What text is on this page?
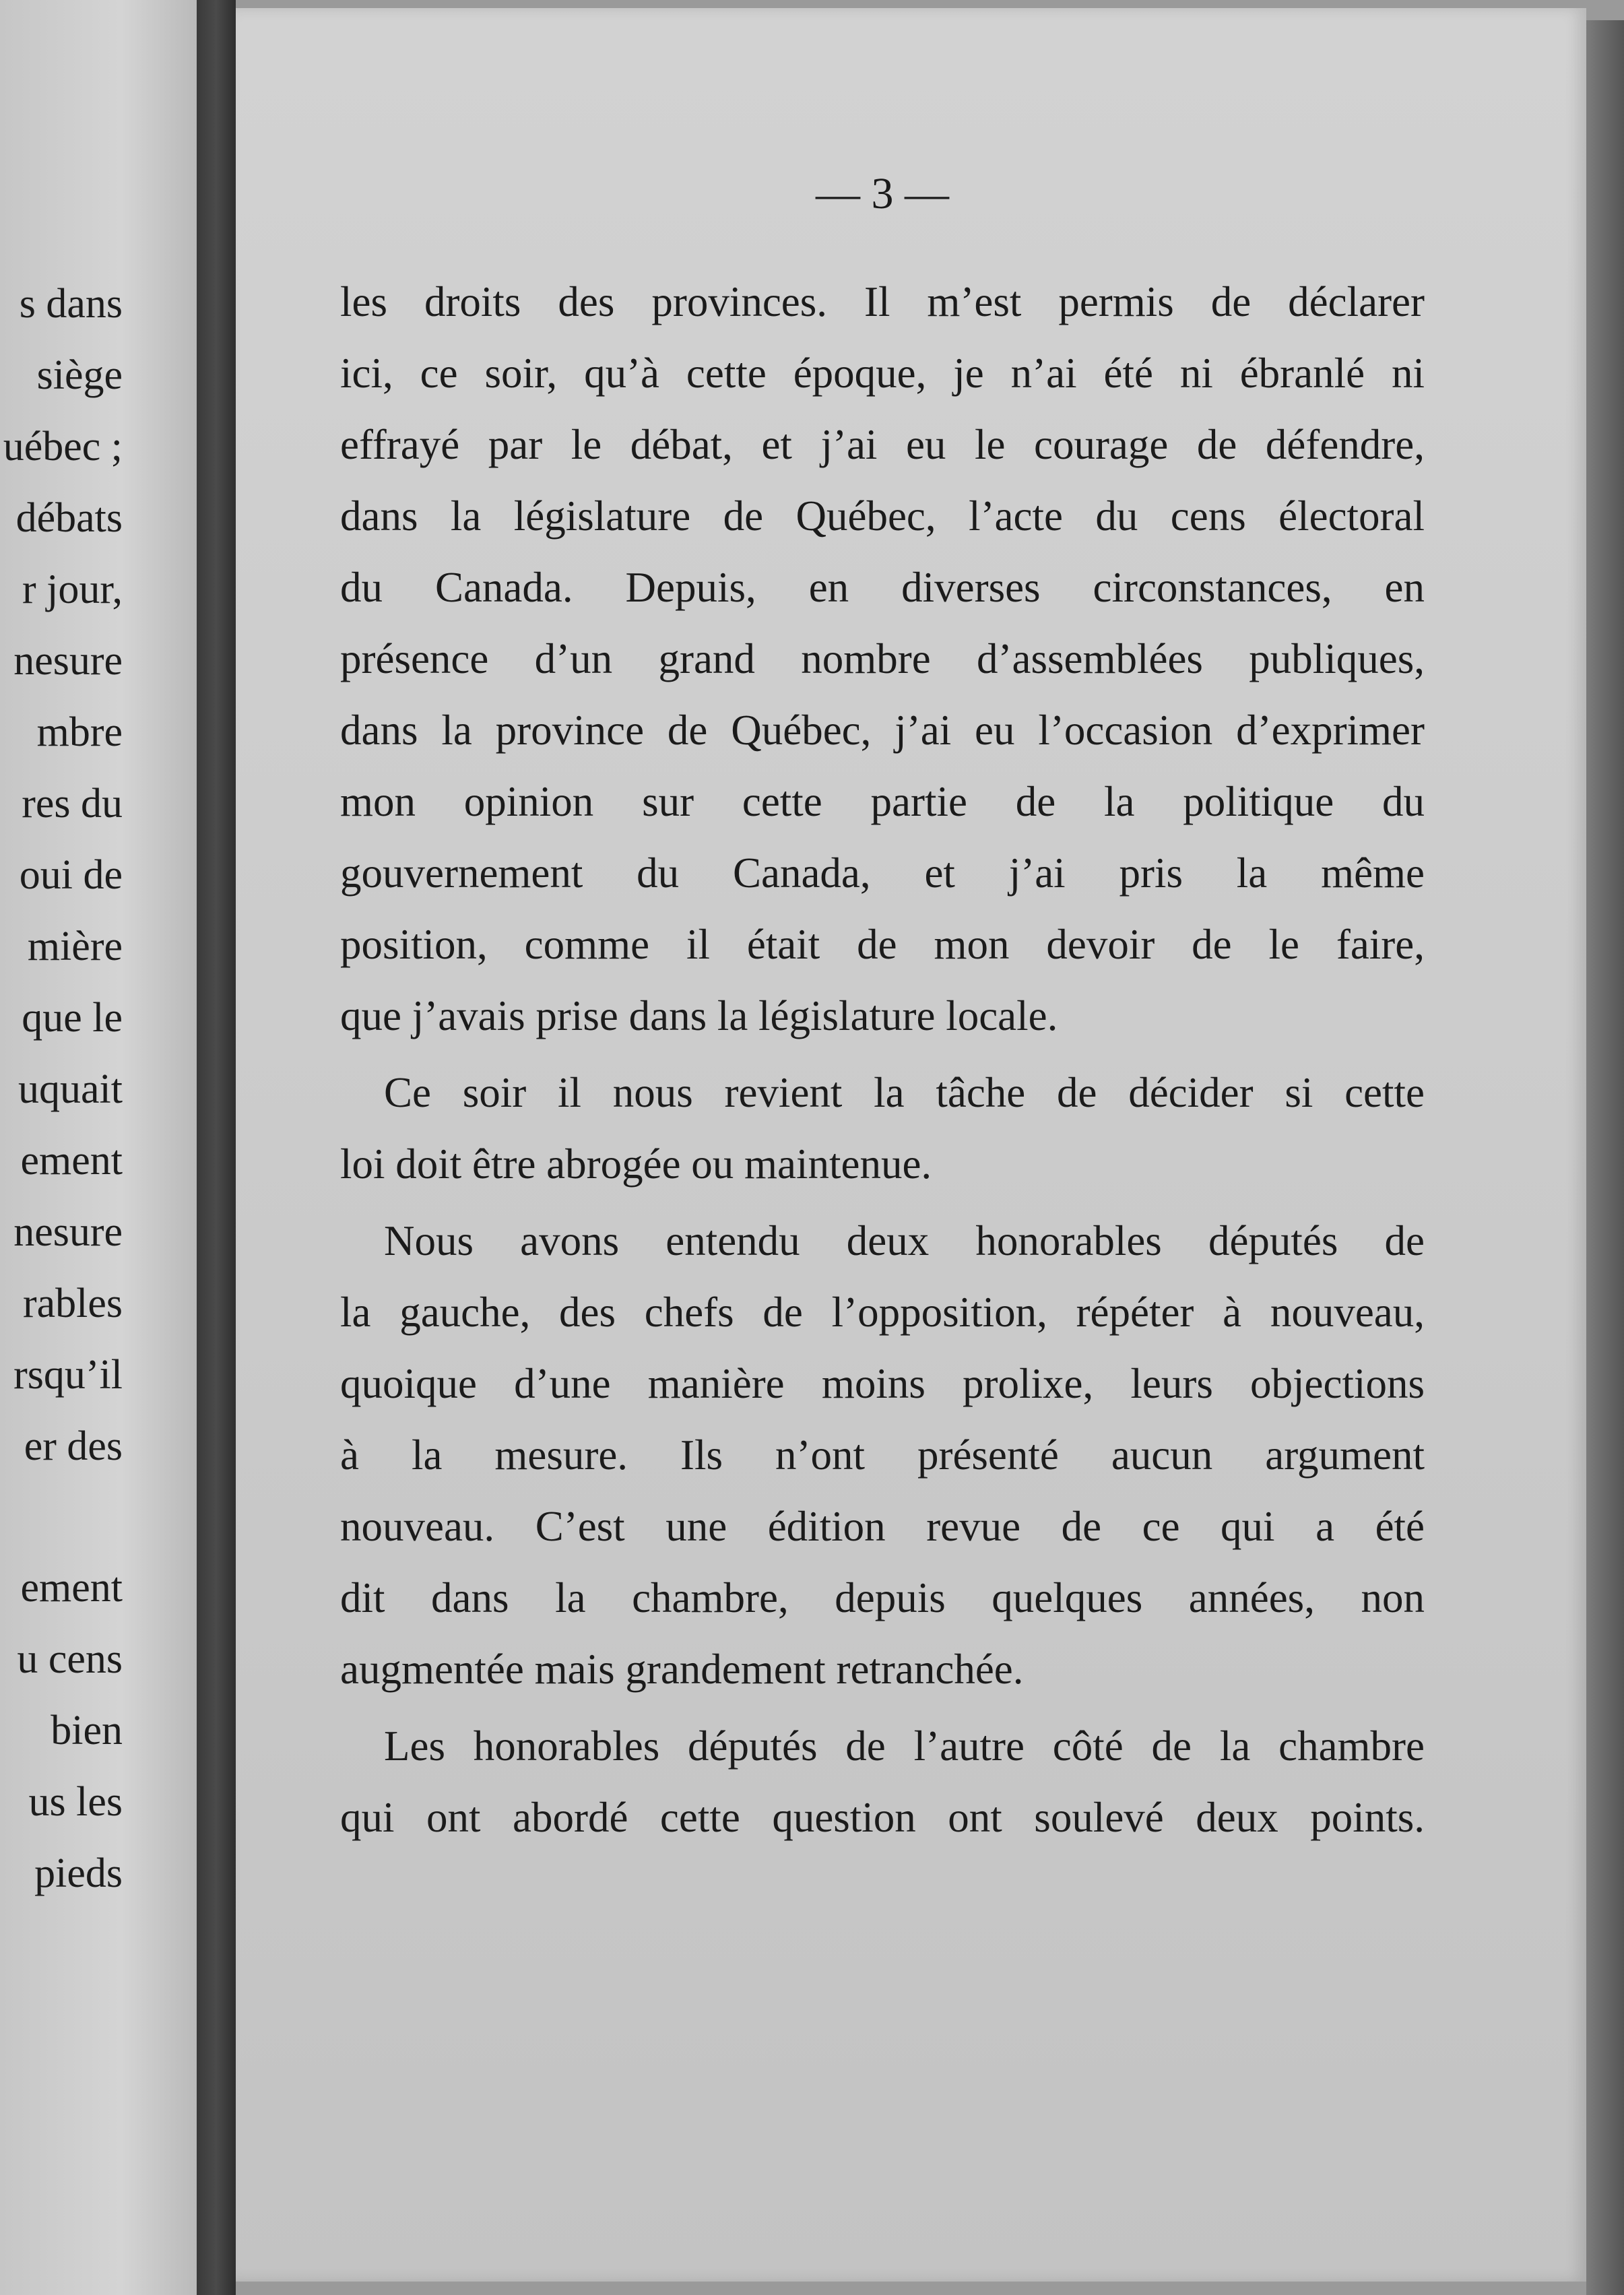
s dans
siège
uébec ;
débats
r jour,
nesure
mbre
res du
oui de
mière
que le
uquait
ement
nesure
rables
rsqu’il
er des
ement
u cens
bien
us les
pieds
— 3 —
les droits des provinces. Il m’est permis de déclarer
ici, ce soir, qu’à cette époque, je n’ai été ni ébranlé ni
effrayé par le débat, et j’ai eu le courage de défendre,
dans la législature de Québec, l’acte du cens électoral
du Canada. Depuis, en diverses circonstances, en
présence d’un grand nombre d’assemblées publiques,
dans la province de Québec, j’ai eu l’occasion d’exprimer
mon opinion sur cette partie de la politique du
gouvernement du Canada, et j’ai pris la même
position, comme il était de mon devoir de le faire,
que j’avais prise dans la législature locale.
Ce soir il nous revient la tâche de décider si cette
loi doit être abrogée ou maintenue.
Nous avons entendu deux honorables députés de
la gauche, des chefs de l’opposition, répéter à nouveau,
quoique d’une manière moins prolixe, leurs objections
à la mesure. Ils n’ont présenté aucun argument
nouveau. C’est une édition revue de ce qui a été
dit dans la chambre, depuis quelques années, non
augmentée mais grandement retranchée.
Les honorables députés de l’autre côté de la chambre
qui ont abordé cette question ont soulevé deux points.
